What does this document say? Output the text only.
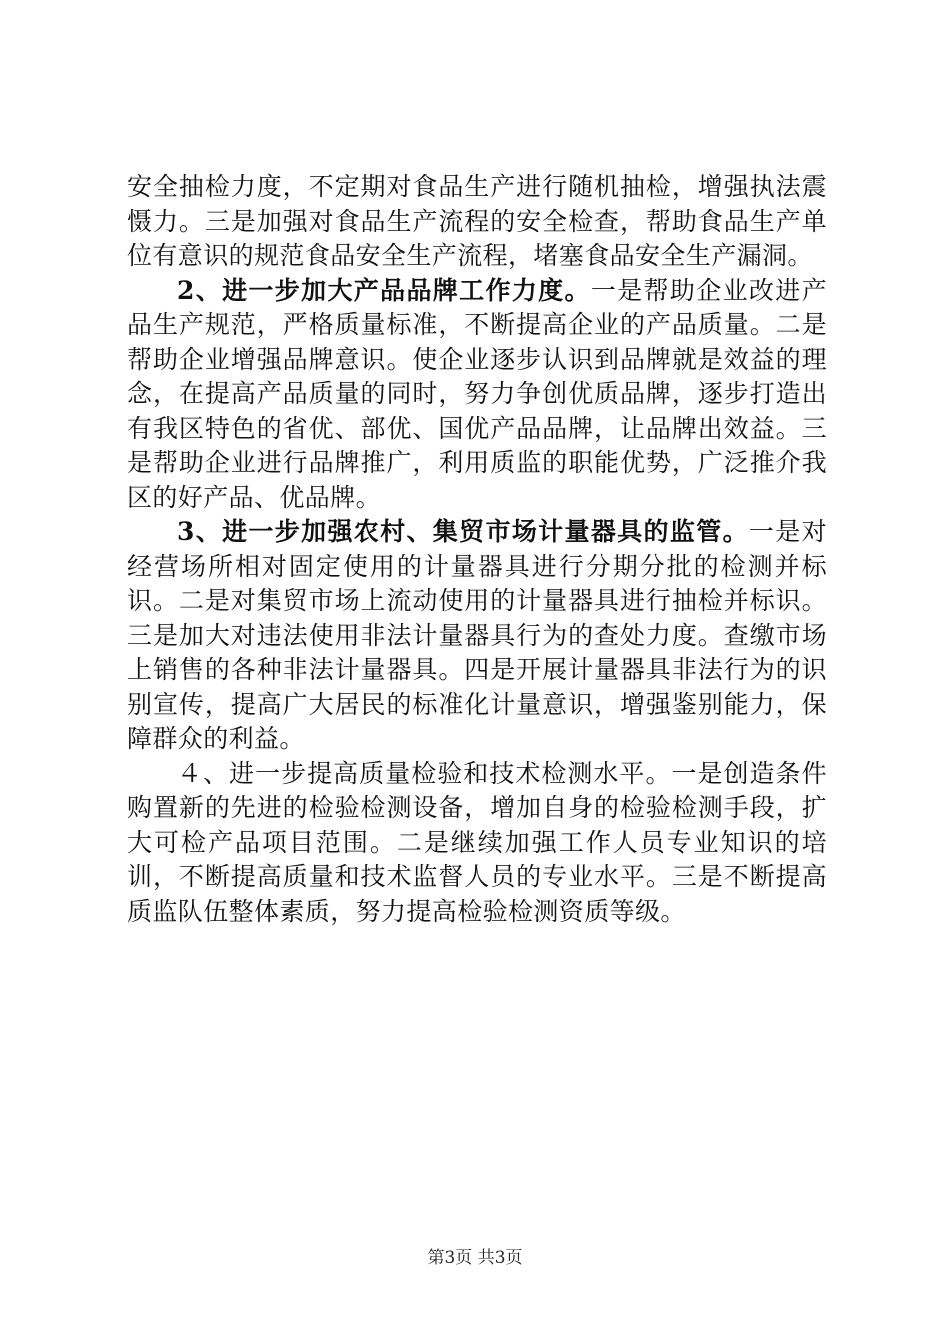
安全抽检力度，不定期对食品生产进行随机抽检，增强执法震慑力。三是加强对食品生产流程的安全检查，帮助食品生产单位有意识的规范食品安全生产流程，堵塞食品安全生产漏洞。

2、进一步加大产品品牌工作力度。一是帮助企业改进产品生产规范，严格质量标准，不断提高企业的产品质量。二是帮助企业增强品牌意识。使企业逐步认识到品牌就是效益的理念，在提高产品质量的同时，努力争创优质品牌，逐步打造出有我区特色的省优、部优、国优产品品牌，让品牌出效益。三是帮助企业进行品牌推广，利用质监的职能优势，广泛推介我区的好产品、优品牌。

3、进一步加强农村、集贸市场计量器具的监管。一是对经营场所相对固定使用的计量器具进行分期分批的检测并标识。二是对集贸市场上流动使用的计量器具进行抽检并标识。三是加大对违法使用非法计量器具行为的查处力度。查缴市场上销售的各种非法计量器具。四是开展计量器具非法行为的识别宣传，提高广大居民的标准化计量意识，增强鉴别能力，保障群众的利益。

４、进一步提高质量检验和技术检测水平。一是创造条件购置新的先进的检验检测设备，增加自身的检验检测手段，扩大可检产品项目范围。二是继续加强工作人员专业知识的培训，不断提高质量和技术监督人员的专业水平。三是不断提高质监队伍整体素质，努力提高检验检测资质等级。

第3页 共3页
